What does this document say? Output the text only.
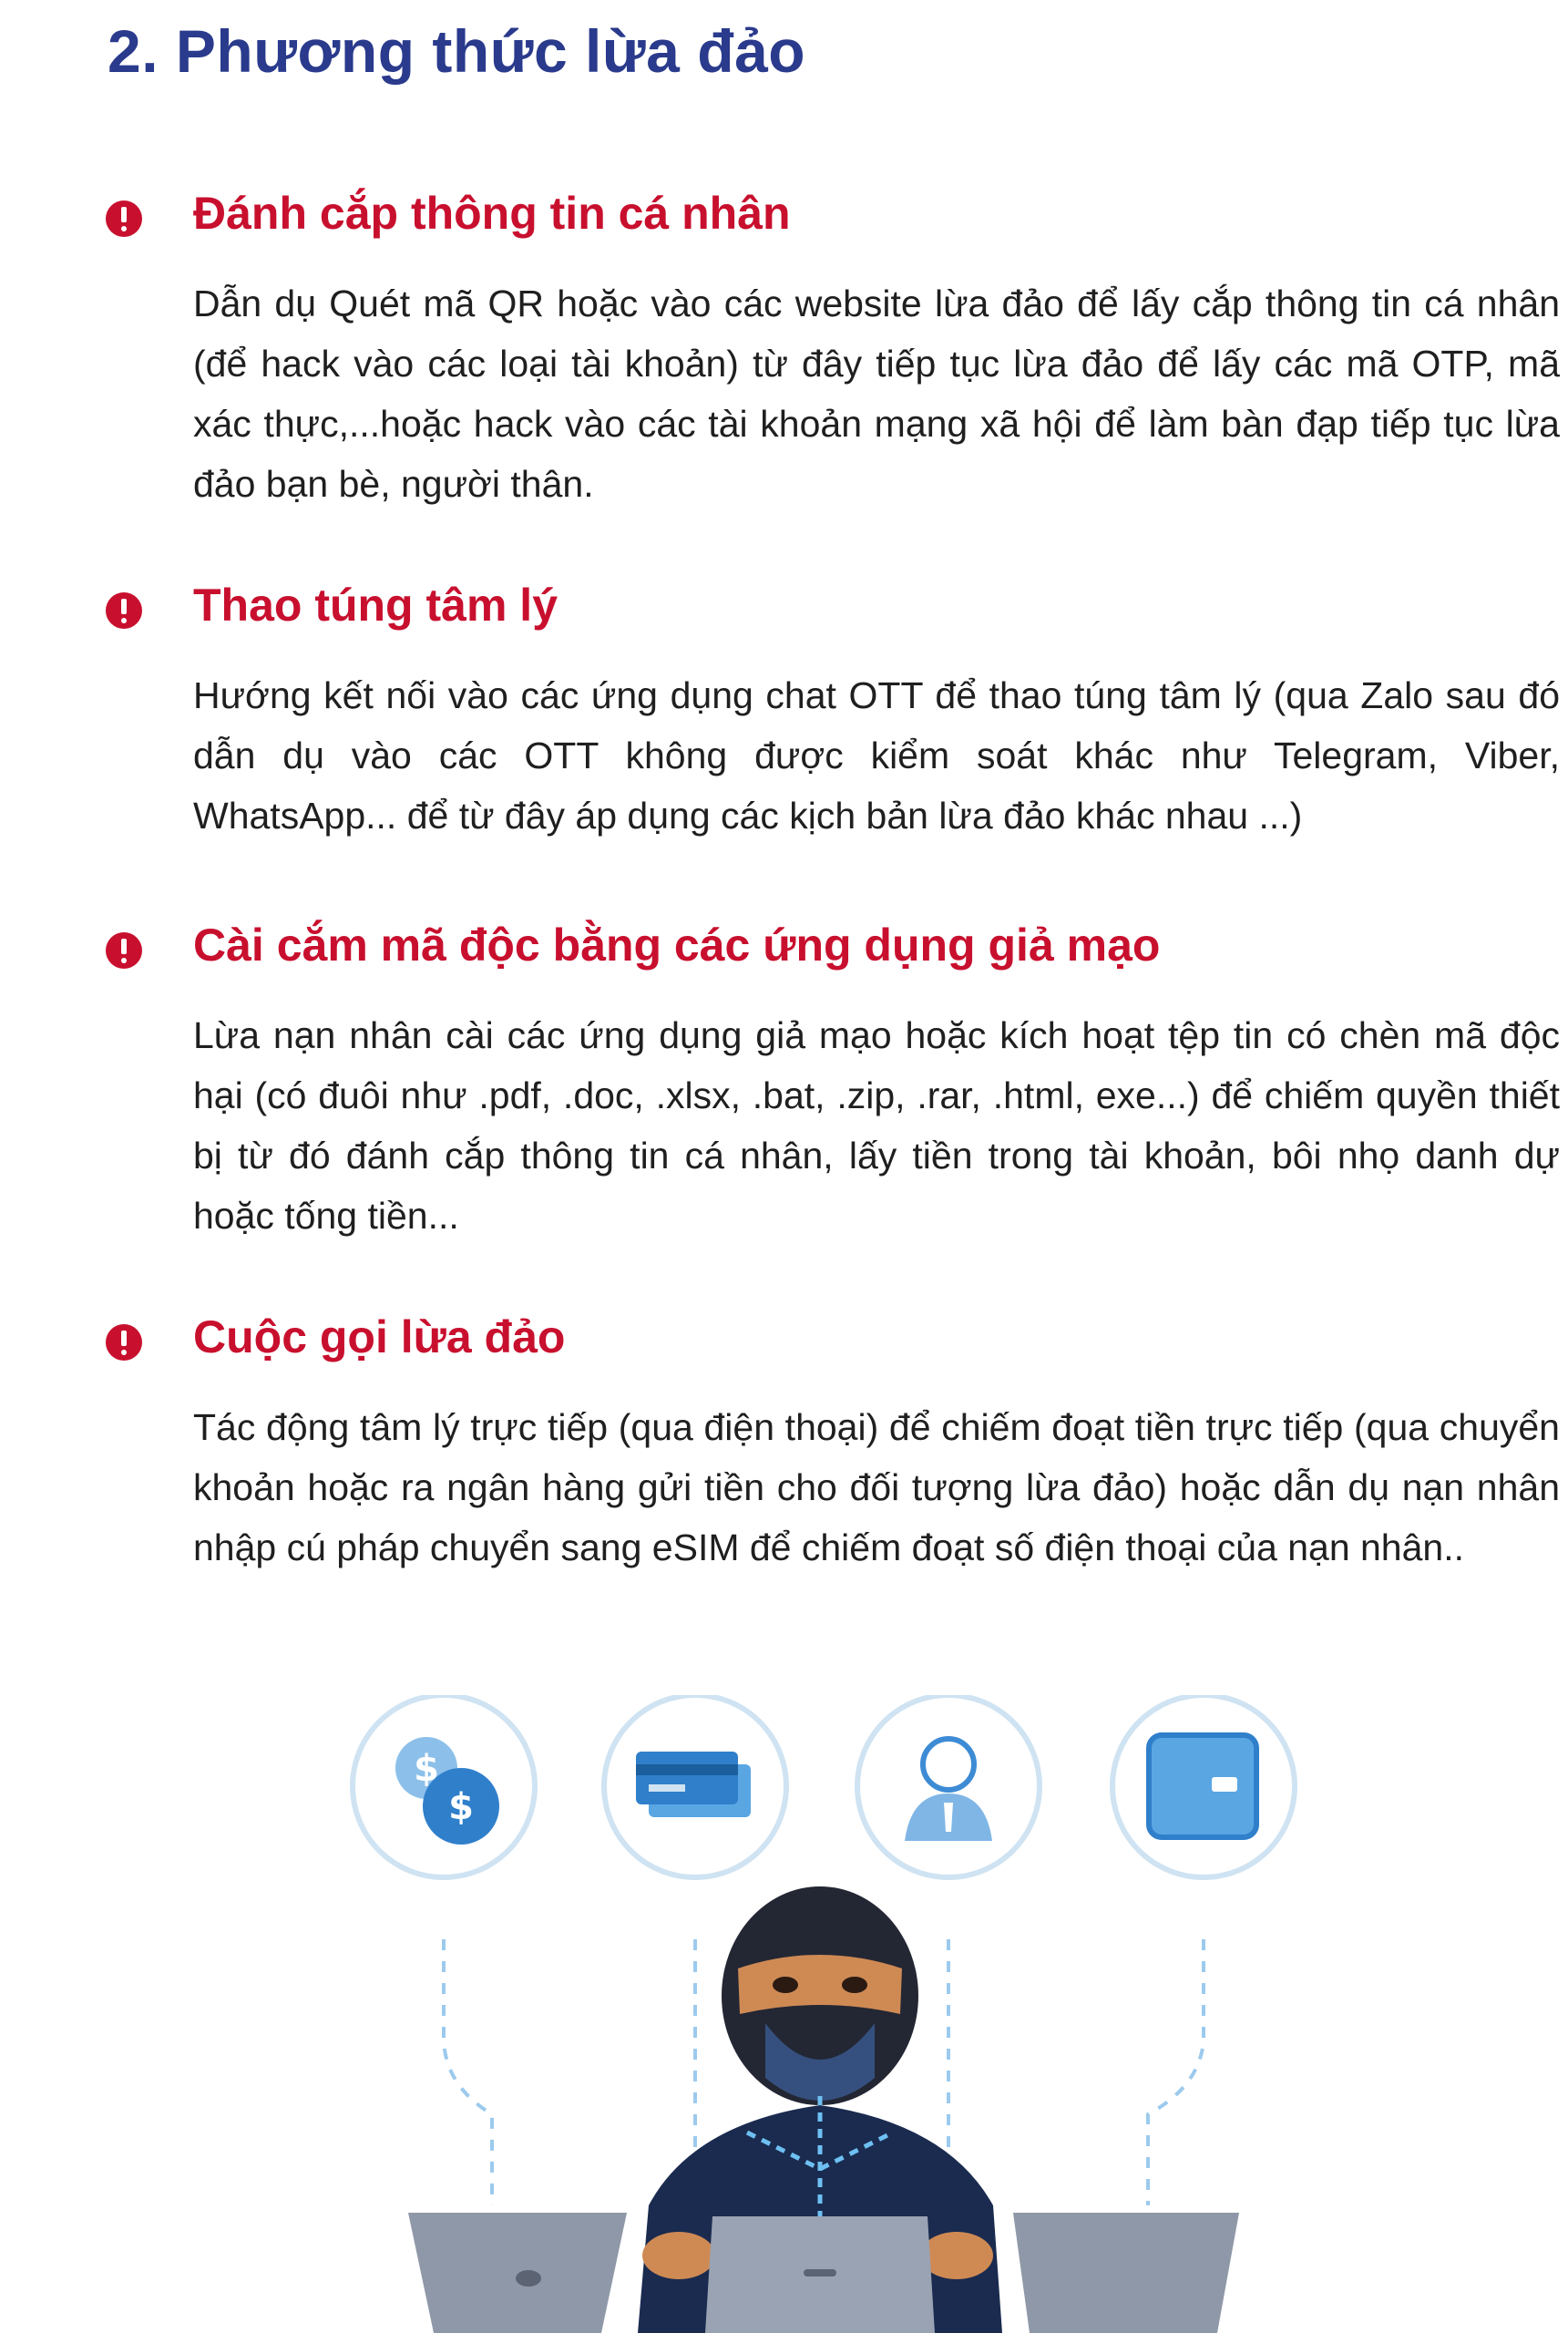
2. Phương thức lừa đảo
Đánh cắp thông tin cá nhân

Dẫn dụ Quét mã QR hoặc vào các website lừa đảo để lấy cắp thông tin cá nhân (để hack vào các loại tài khoản) từ đây tiếp tục lừa đảo để lấy các mã OTP, mã xác thực,...hoặc hack vào các tài khoản mạng xã hội để làm bàn đạp tiếp tục lừa đảo bạn bè, người thân.

Thao túng tâm lý

Hướng kết nối vào các ứng dụng chat OTT để thao túng tâm lý (qua Zalo sau đó dẫn dụ vào các OTT không được kiểm soát khác như Telegram, Viber, WhatsApp... để từ đây áp dụng các kịch bản lừa đảo khác nhau ...)

Cài cắm mã độc bằng các ứng dụng giả mạo

Lừa nạn nhân cài các ứng dụng giả mạo hoặc kích hoạt tệp tin có chèn mã độc hại (có đuôi như .pdf, .doc, .xlsx, .bat, .zip, .rar, .html, exe...) để chiếm quyền thiết bị từ đó đánh cắp thông tin cá nhân, lấy tiền trong tài khoản, bôi nhọ danh dự hoặc tống tiền...

Cuộc gọi lừa đảo

Tác động tâm lý trực tiếp (qua điện thoại) để chiếm đoạt tiền trực tiếp (qua chuyển khoản hoặc ra ngân hàng gửi tiền cho đối tượng lừa đảo) hoặc dẫn dụ nạn nhân nhập cú pháp chuyển sang eSIM để chiếm đoạt số điện thoại của nạn nhân..

$
$
